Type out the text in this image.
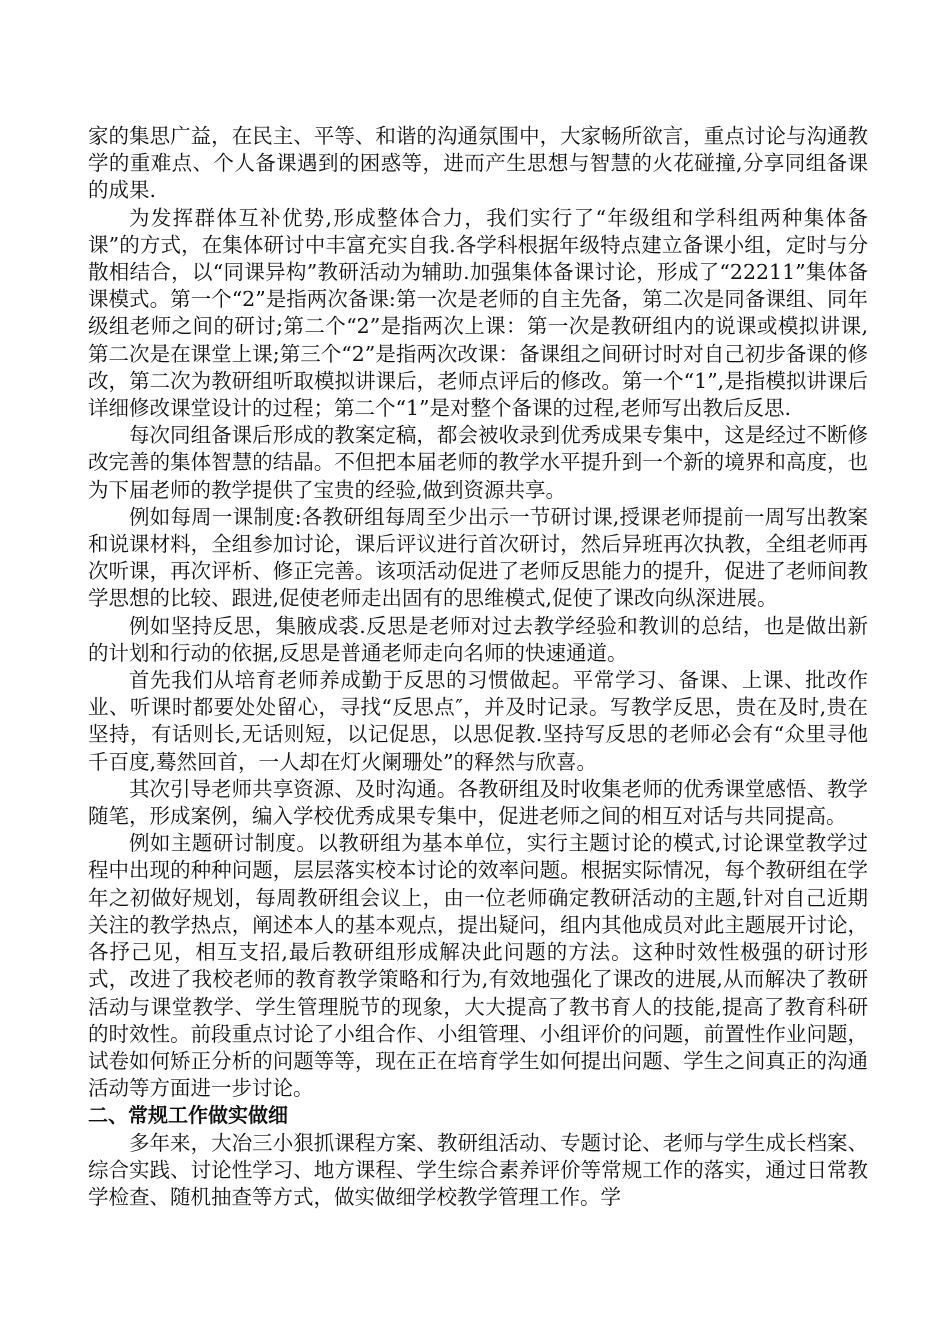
家的集思广益，在民主、平等、和谐的沟通氛围中，大家畅所欲言，重点讨论与沟通教学的重难点、个人备课遇到的困惑等，进而产生思想与智慧的火花碰撞,分享同组备课的成果.

为发挥群体互补优势,形成整体合力，我们实行了“年级组和学科组两种集体备课”的方式，在集体研讨中丰富充实自我.各学科根据年级特点建立备课小组，定时与分散相结合，以“同课异构”教研活动为辅助.加强集体备课讨论，形成了“22211”集体备课模式。第一个“2”是指两次备课:第一次是老师的自主先备，第二次是同备课组、同年级组老师之间的研讨;第二个“2”是指两次上课：第一次是教研组内的说课或模拟讲课,第二次是在课堂上课;第三个“2”是指两次改课：备课组之间研讨时对自己初步备课的修改，第二次为教研组听取模拟讲课后，老师点评后的修改。第一个“1”,是指模拟讲课后详细修改课堂设计的过程；第二个“1”是对整个备课的过程,老师写出教后反思.

每次同组备课后形成的教案定稿，都会被收录到优秀成果专集中，这是经过不断修改完善的集体智慧的结晶。不但把本届老师的教学水平提升到一个新的境界和高度，也为下届老师的教学提供了宝贵的经验,做到资源共享。

例如每周一课制度:各教研组每周至少出示一节研讨课,授课老师提前一周写出教案和说课材料，全组参加讨论，课后评议进行首次研讨，然后异班再次执教，全组老师再次听课，再次评析、修正完善。该项活动促进了老师反思能力的提升，促进了老师间教学思想的比较、跟进,促使老师走出固有的思维模式,促使了课改向纵深进展。

例如坚持反思，集腋成裘.反思是老师对过去教学经验和教训的总结，也是做出新的计划和行动的依据,反思是普通老师走向名师的快速通道。

首先我们从培育老师养成勤于反思的习惯做起。平常学习、备课、上课、批改作业、听课时都要处处留心，寻找“反思点″，并及时记录。写教学反思，贵在及时,贵在坚持，有话则长,无话则短，以记促思，以思促教.坚持写反思的老师必会有“众里寻他千百度,蓦然回首，一人却在灯火阑珊处”的释然与欣喜。

其次引导老师共享资源、及时沟通。各教研组及时收集老师的优秀课堂感悟、教学随笔，形成案例，编入学校优秀成果专集中，促进老师之间的相互对话与共同提高。

例如主题研讨制度。以教研组为基本单位，实行主题讨论的模式,讨论课堂教学过程中出现的种种问题，层层落实校本讨论的效率问题。根据实际情况，每个教研组在学年之初做好规划，每周教研组会议上，由一位老师确定教研活动的主题,针对自己近期关注的教学热点，阐述本人的基本观点，提出疑问，组内其他成员对此主题展开讨论，各抒己见，相互支招,最后教研组形成解决此问题的方法。这种时效性极强的研讨形式，改进了我校老师的教育教学策略和行为,有效地强化了课改的进展,从而解决了教研活动与课堂教学、学生管理脱节的现象，大大提高了教书育人的技能,提高了教育科研的时效性。前段重点讨论了小组合作、小组管理、小组评价的问题，前置性作业问题，试卷如何矫正分析的问题等等，现在正在培育学生如何提出问题、学生之间真正的沟通活动等方面进一步讨论。

二、常规工作做实做细

多年来，大冶三小狠抓课程方案、教研组活动、专题讨论、老师与学生成长档案、综合实践、讨论性学习、地方课程、学生综合素养评价等常规工作的落实，通过日常教学检查、随机抽查等方式，做实做细学校教学管理工作。学
